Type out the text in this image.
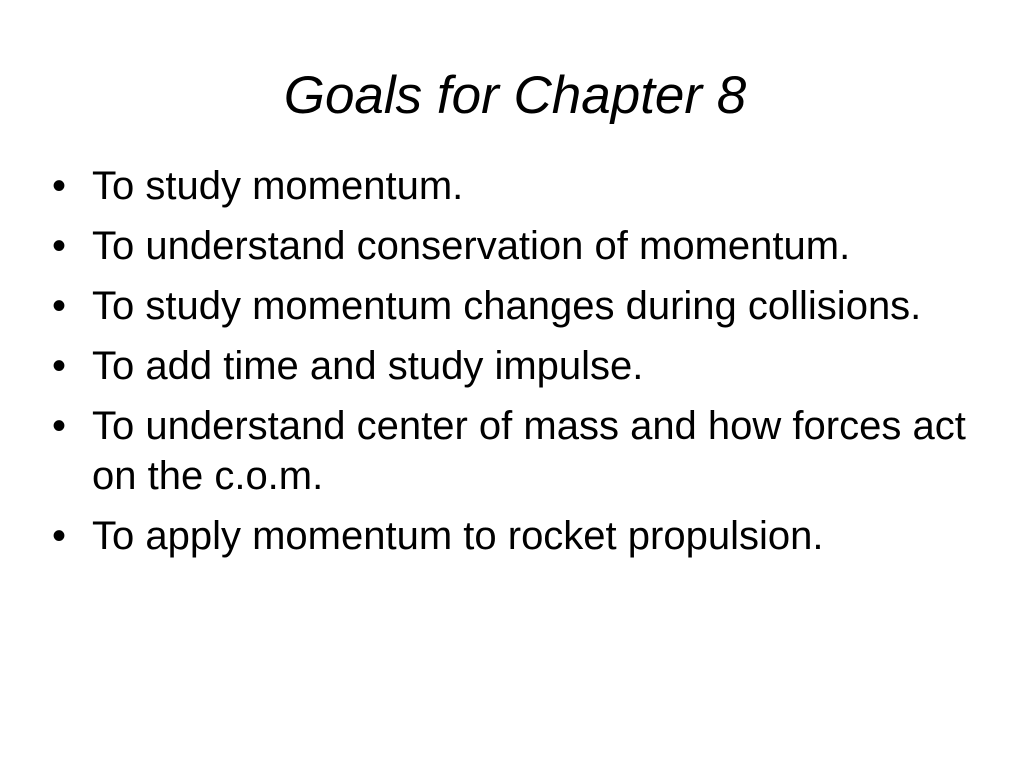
Goals for Chapter 8
• To study momentum.
• To understand conservation of momentum.
• To study momentum changes during collisions.
• To add time and study impulse.
• To understand center of mass and how forces act on the c.o.m.
• To apply momentum to rocket propulsion.
